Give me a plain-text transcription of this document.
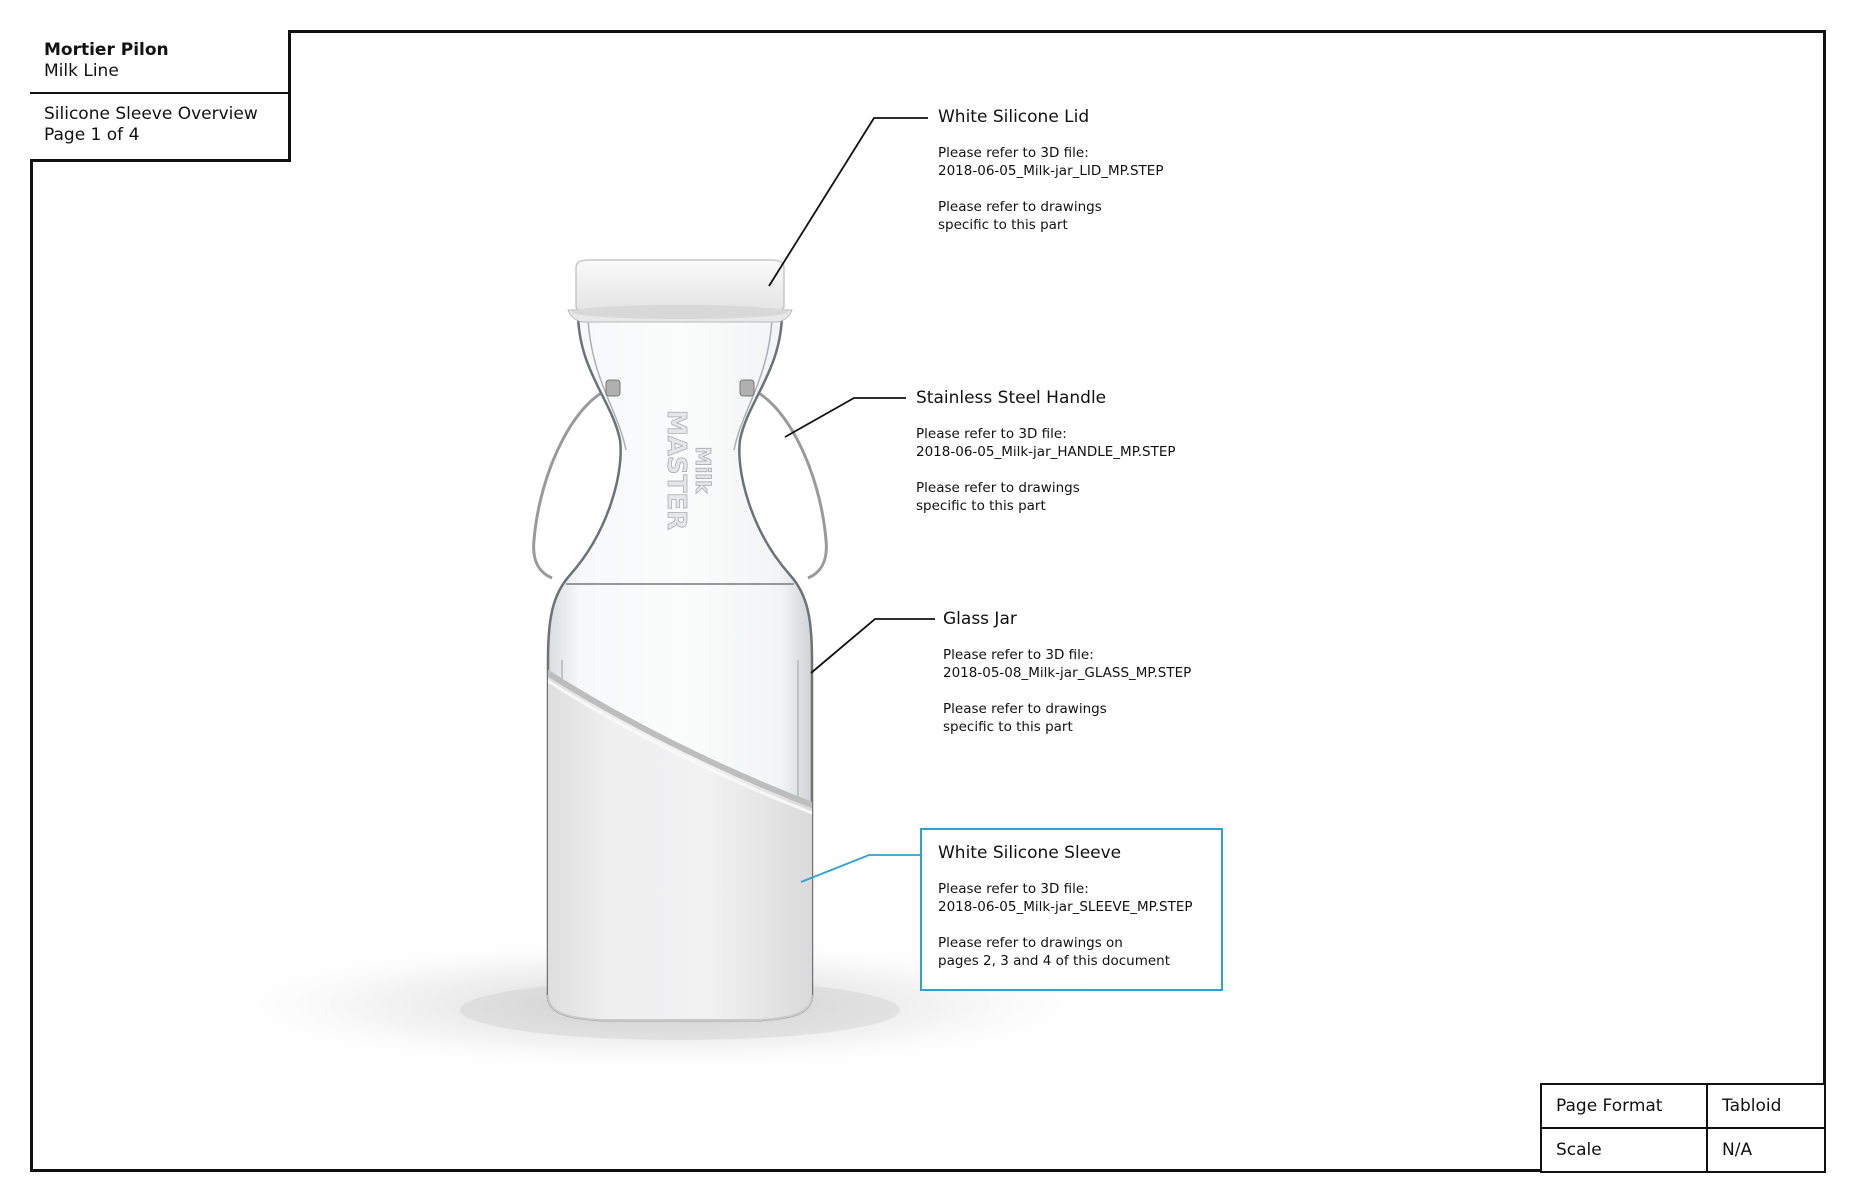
MASTER Milk
Mortier Pilon
Milk Line
Silicone Sleeve Overview
Page 1 of 4
White Silicone Lid
Please refer to 3D file:
2018-06-05_Milk-jar_LID_MP.STEP
Please refer to drawings
specific to this part
Stainless Steel Handle
Please refer to 3D file:
2018-06-05_Milk-jar_HANDLE_MP.STEP
Please refer to drawings
specific to this part
Glass Jar
Please refer to 3D file:
2018-05-08_Milk-jar_GLASS_MP.STEP
Please refer to drawings
specific to this part
White Silicone Sleeve
Please refer to 3D file:
2018-06-05_Milk-jar_SLEEVE_MP.STEP
Please refer to drawings on
pages 2, 3 and 4 of this document
Page Format	Tabloid
Scale	N/A
